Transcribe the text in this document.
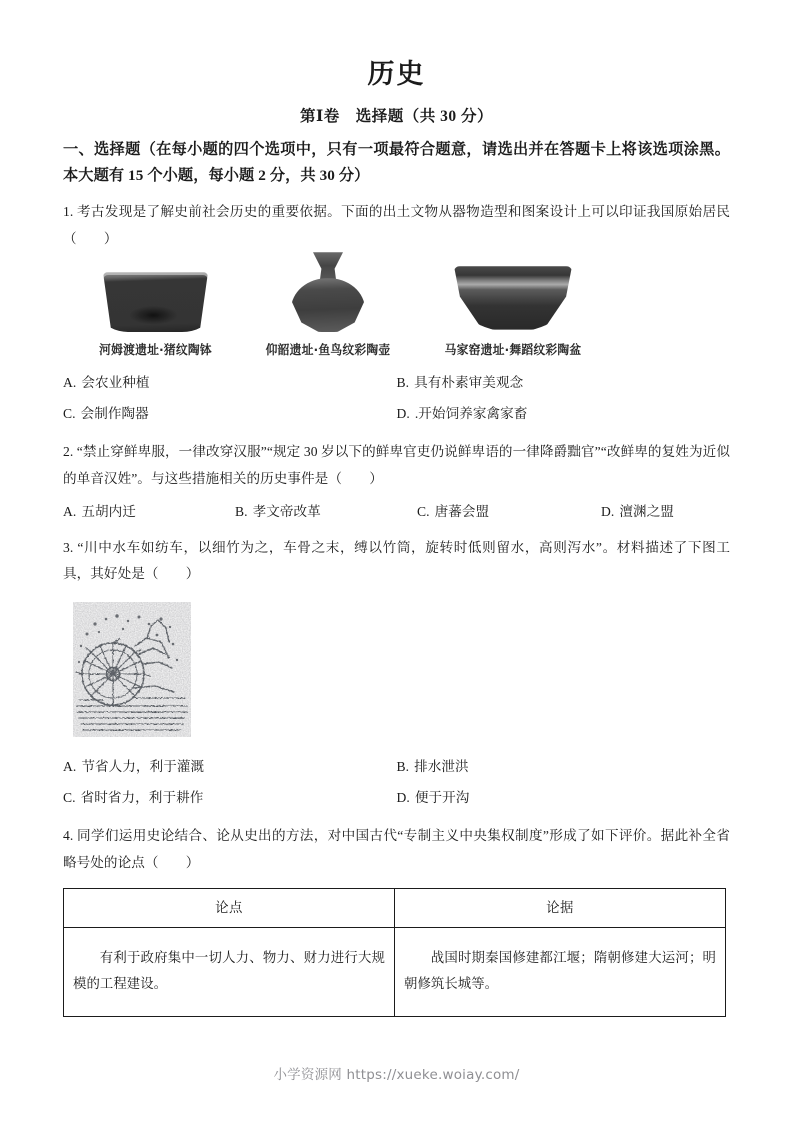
历史

第Ⅰ卷　选择题（共 30 分）

一、选择题（在每小题的四个选项中，只有一项最符合题意，请选出并在答题卡上将该选项涂黑。本大题有 15 个小题，每小题 2 分，共 30 分）

1. 考古发现是了解史前社会历史的重要依据。下面的出土文物从器物造型和图案设计上可以印证我国原始居民（　　）

河姆渡遗址·猪纹陶钵	仰韶遗址·鱼鸟纹彩陶壶	马家窑遗址·舞蹈纹彩陶盆
A. 会农业种植	B. 具有朴素审美观念
C. 会制作陶器	D. .开始饲养家禽家畜

2. “禁止穿鲜卑服，一律改穿汉服”“规定 30 岁以下的鲜卑官吏仍说鲜卑语的一律降爵黜官”“改鲜卑的复姓为近似的单音汉姓”。与这些措施相关的历史事件是（　　）

A. 五胡内迁	B. 孝文帝改革	C. 唐蕃会盟	D. 澶渊之盟

3. “川中水车如纺车，以细竹为之，车骨之末，缚以竹筒，旋转时低则留水，高则泻水”。材料描述了下图工具，其好处是（　　）

A. 节省人力，利于灌溉	B. 排水泄洪
C. 省时省力，利于耕作	D. 便于开沟

4. 同学们运用史论结合、论从史出的方法，对中国古代“专制主义中央集权制度”形成了如下评价。据此补全省略号处的论点（　　）

论点	论据
有利于政府集中一切人力、物力、财力进行大规模的工程建设。	战国时期秦国修建都江堰；隋朝修建大运河；明朝修筑长城等。
小学资源网 https://xueke.woiay.com/
